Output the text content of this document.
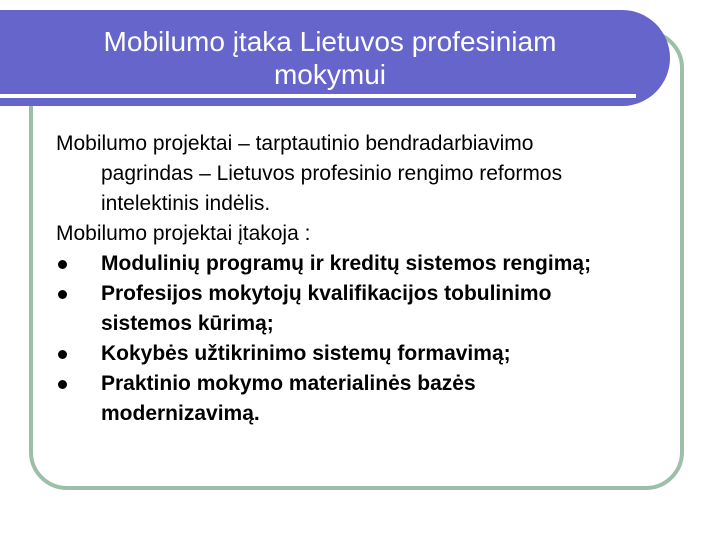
Mobilumo įtaka Lietuvos profesiniam
mokymui

Mobilumo projektai – tarptautinio bendradarbiavimo
pagrindas – Lietuvos profesinio rengimo reformos
intelektinis indėlis.

Mobilumo projektai įtakoja :

Modulinių programų ir kreditų sistemos rengimą;
Profesijos mokytojų kvalifikacijos tobulinimo
sistemos kūrimą;
Kokybės užtikrinimo sistemų formavimą;
Praktinio mokymo materialinės bazės
modernizavimą.
